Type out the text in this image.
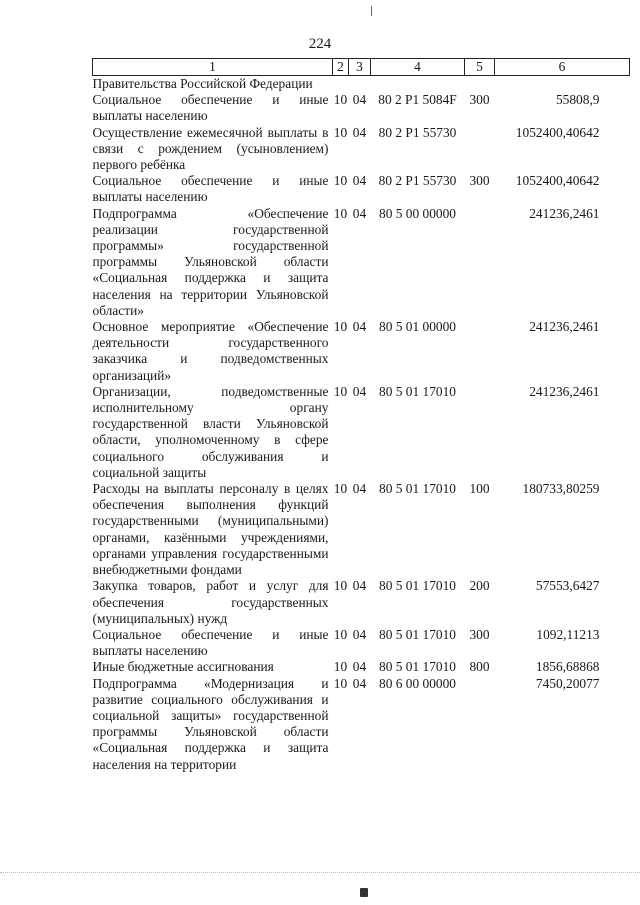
224
1	2	3	4	5	6
Правительства Российской Федерации					
Социальное обеспечение и иные выплаты населению	10	04	80 2 P1 5084F	300	55808,9
Осуществление ежемесячной выплаты в связи с рождением (усыновлением) первого ребёнка	10	04	80 2 P1 55730		1052400,40642
Социальное обеспечение и иные выплаты населению	10	04	80 2 P1 55730	300	1052400,40642
Подпрограмма «Обеспечение реализации государственной программы» государственной программы Ульяновской области «Социальная поддержка и защита населения на территории Ульяновской области»	10	04	80 5 00 00000		241236,2461
Основное мероприятие «Обеспечение деятельности государственного заказчика и подведомственных организаций»	10	04	80 5 01 00000		241236,2461
Организации, подведомственные исполнительному органу государственной власти Ульяновской области, уполномоченному в сфере социального обслуживания и социальной защиты	10	04	80 5 01 17010		241236,2461
Расходы на выплаты персоналу в целях обеспечения выполнения функций государственными (муниципальными) органами, казёнными учреждениями, органами управления государственными внебюджетными фондами	10	04	80 5 01 17010	100	180733,80259
Закупка товаров, работ и услуг для обеспечения государственных (муниципальных) нужд	10	04	80 5 01 17010	200	57553,6427
Социальное обеспечение и иные выплаты населению	10	04	80 5 01 17010	300	1092,11213
Иные бюджетные ассигнования	10	04	80 5 01 17010	800	1856,68868
Подпрограмма «Модернизация и развитие социального обслуживания и социальной защиты» государственной программы Ульяновской области «Социальная поддержка и защита населения на территории	10	04	80 6 00 00000		7450,20077
